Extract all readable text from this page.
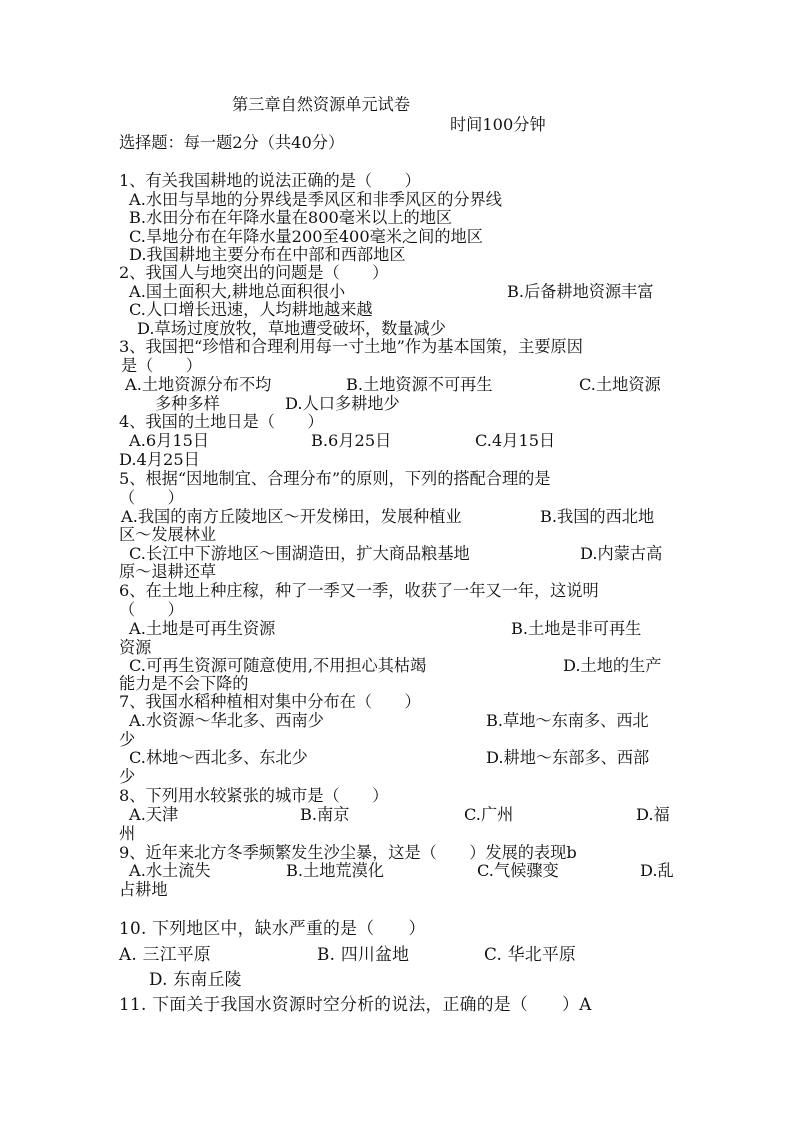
第三章自然资源单元试卷
时间100分钟
选择题：每一题2分（共40分）
1、有关我国耕地的说法正确的是（　　）
A.水田与旱地的分界线是季风区和非季风区的分界线
B.水田分布在年降水量在800毫米以上的地区
C.旱地分布在年降水量200至400毫米之间的地区
D.我国耕地主要分布在中部和西部地区
2、我国人与地突出的问题是（　　）
A.国土面积大,耕地总面积很小	B.后备耕地资源丰富
C.人口增长迅速，人均耕地越来越
D.草场过度放牧，草地遭受破坏，数量减少
3、我国把“珍惜和合理利用每一寸土地”作为基本国策，主要原因
是（　　）
A.土地资源分布不均	B.土地资源不可再生	C.土地资源
多种多样	D.人口多耕地少
4、我国的土地日是（　　）
A.6月15日	B.6月25日	C.4月15日
D.4月25日
5、根据“因地制宜、合理分布”的原则，下列的搭配合理的是
（　　）
A.我国的南方丘陵地区～开发梯田，发展种植业	B.我国的西北地
区～发展林业
C.长江中下游地区～围湖造田，扩大商品粮基地	D.内蒙古高
原～退耕还草
6、在土地上种庄稼，种了一季又一季，收获了一年又一年，这说明
（　　）
A.土地是可再生资源	B.土地是非可再生
资源
C.可再生资源可随意使用,不用担心其枯竭	D.土地的生产
能力是不会下降的
7、我国水稻种植相对集中分布在（　　）
A.水资源～华北多、西南少	B.草地～东南多、西北
少
C.林地～西北多、东北少	D.耕地～东部多、西部
少
8、下列用水较紧张的城市是（　　）
A.天津	B.南京	C.广州	D.福
州
9、近年来北方冬季频繁发生沙尘暴，这是（　　）发展的表现b
A.水土流失	B.土地荒漠化	C.气候骤变	D.乱
占耕地
10. 下列地区中，缺水严重的是（　　）
A. 三江平原	B. 四川盆地	C. 华北平原
D. 东南丘陵
11. 下面关于我国水资源时空分析的说法，正确的是（　　）A
